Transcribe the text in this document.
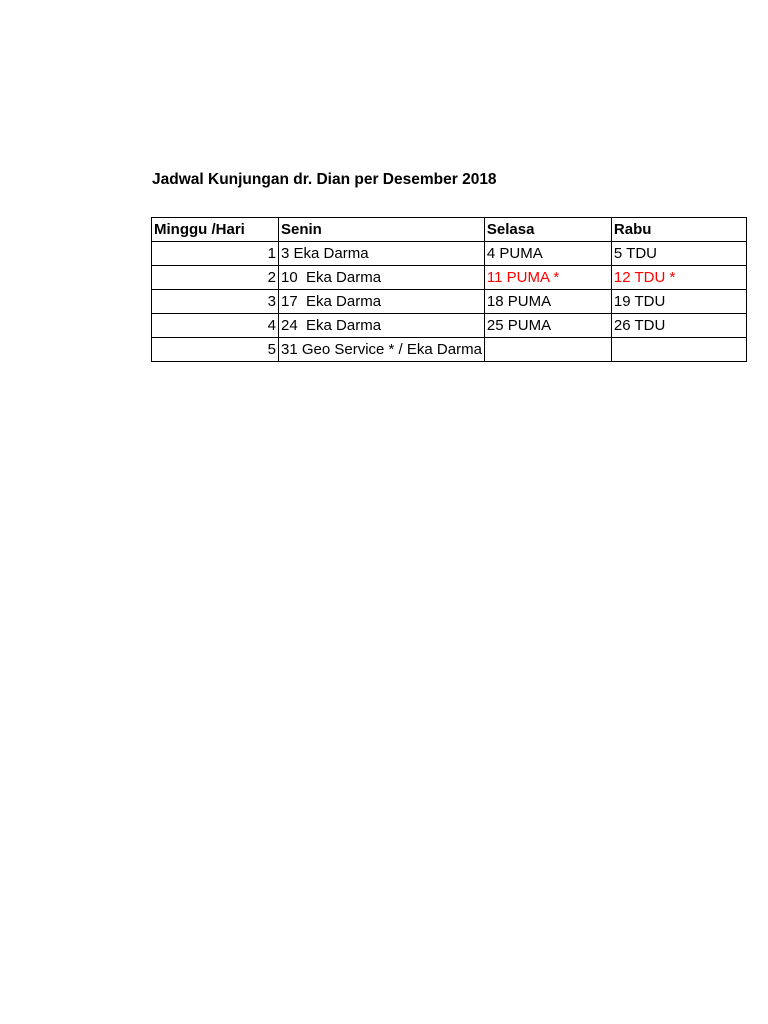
Jadwal Kunjungan dr. Dian per Desember 2018
Minggu /Hari	Senin	Selasa	Rabu
1	3 Eka Darma	4 PUMA	5 TDU
2	10  Eka Darma	11 PUMA *	12 TDU *
3	17  Eka Darma	18 PUMA	19 TDU
4	24  Eka Darma	25 PUMA	26 TDU
5	31 Geo Service * / Eka Darma		
